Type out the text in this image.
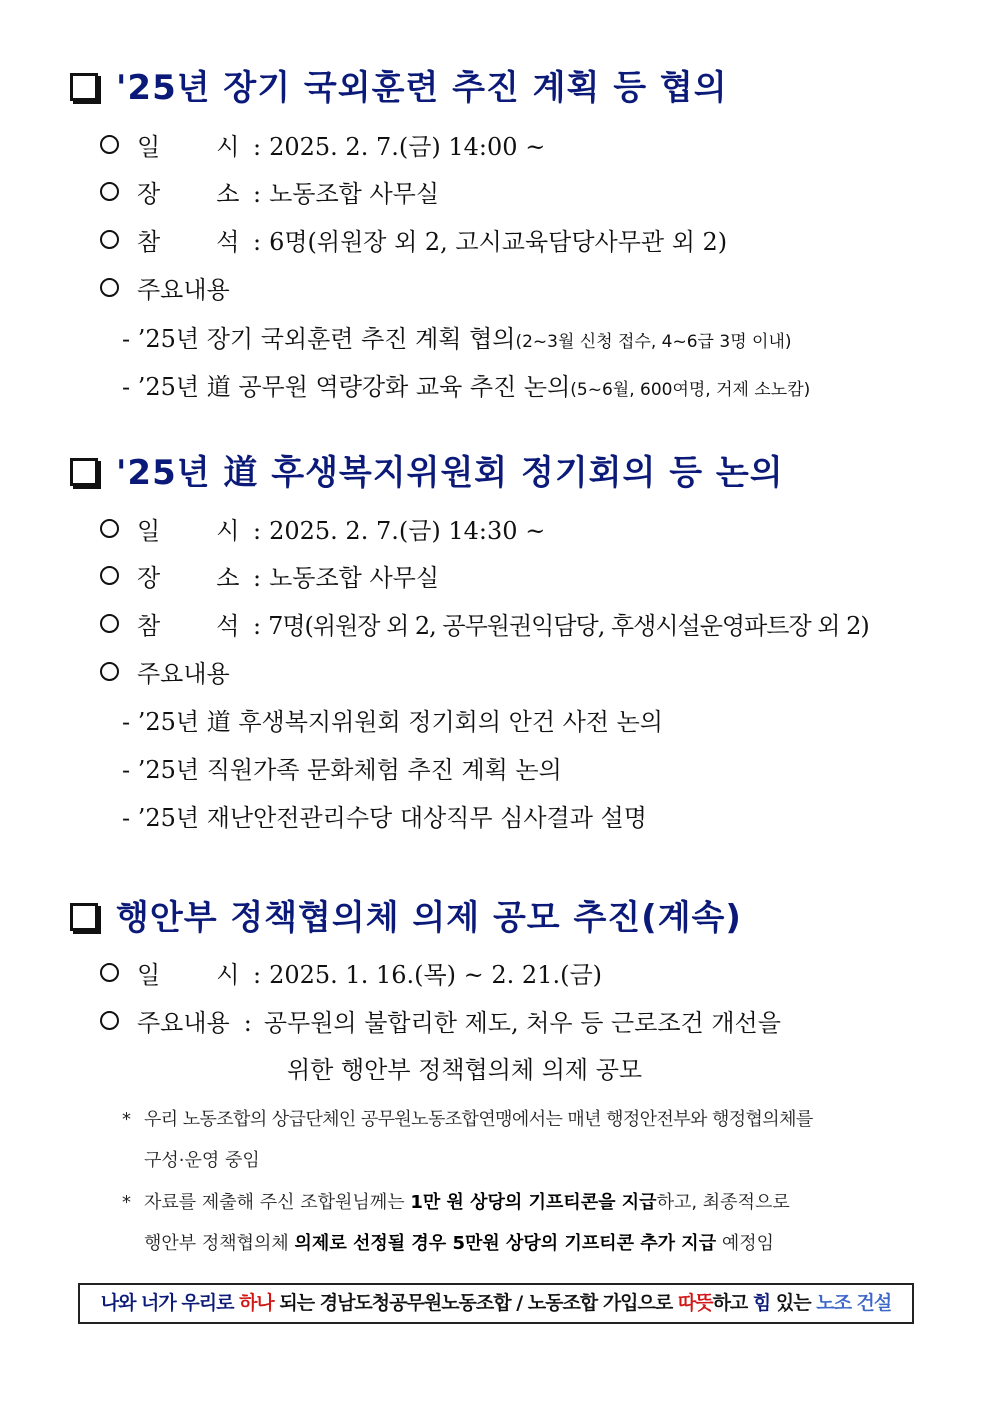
'25년 장기 국외훈련 추진 계획 등 협의
일 시 : 2025. 2. 7.(금) 14:00 ~
장 소 : 노동조합 사무실
참 석 : 6명(위원장 외 2, 고시교육담당사무관 외 2)
주요내용
- ’25년 장기 국외훈련 추진 계획 협의(2~3월 신청 접수, 4~6급 3명 이내)
- ’25년 道 공무원 역량강화 교육 추진 논의(5~6월, 600여명, 거제 소노캄)
'25년 道 후생복지위원회 정기회의 등 논의
일 시 : 2025. 2. 7.(금) 14:30 ~
장 소 : 노동조합 사무실
참 석 : 7명(위원장 외 2, 공무원권익담당, 후생시설운영파트장 외 2)
주요내용
- ’25년 道 후생복지위원회 정기회의 안건 사전 논의
- ’25년 직원가족 문화체험 추진 계획 논의
- ’25년 재난안전관리수당 대상직무 심사결과 설명
행안부 정책협의체 의제 공모 추진(계속)
일 시 : 2025. 1. 16.(목) ~ 2. 21.(금)
주요내용 : 공무원의 불합리한 제도, 처우 등 근로조건 개선을
위한 행안부 정책협의체 의제 공모
* 우리 노동조합의 상급단체인 공무원노동조합연맹에서는 매년 행정안전부와 행정협의체를
구성·운영 중임
* 자료를 제출해 주신 조합원님께는 1만 원 상당의 기프티콘을 지급하고, 최종적으로
행안부 정책협의체 의제로 선정될 경우 5만원 상당의 기프티콘 추가 지급 예정임
나와 너가 우리로 하나 되는 경남도청공무원노동조합 / 노동조합 가입으로 따뜻하고 힘 있는 노조 건설
